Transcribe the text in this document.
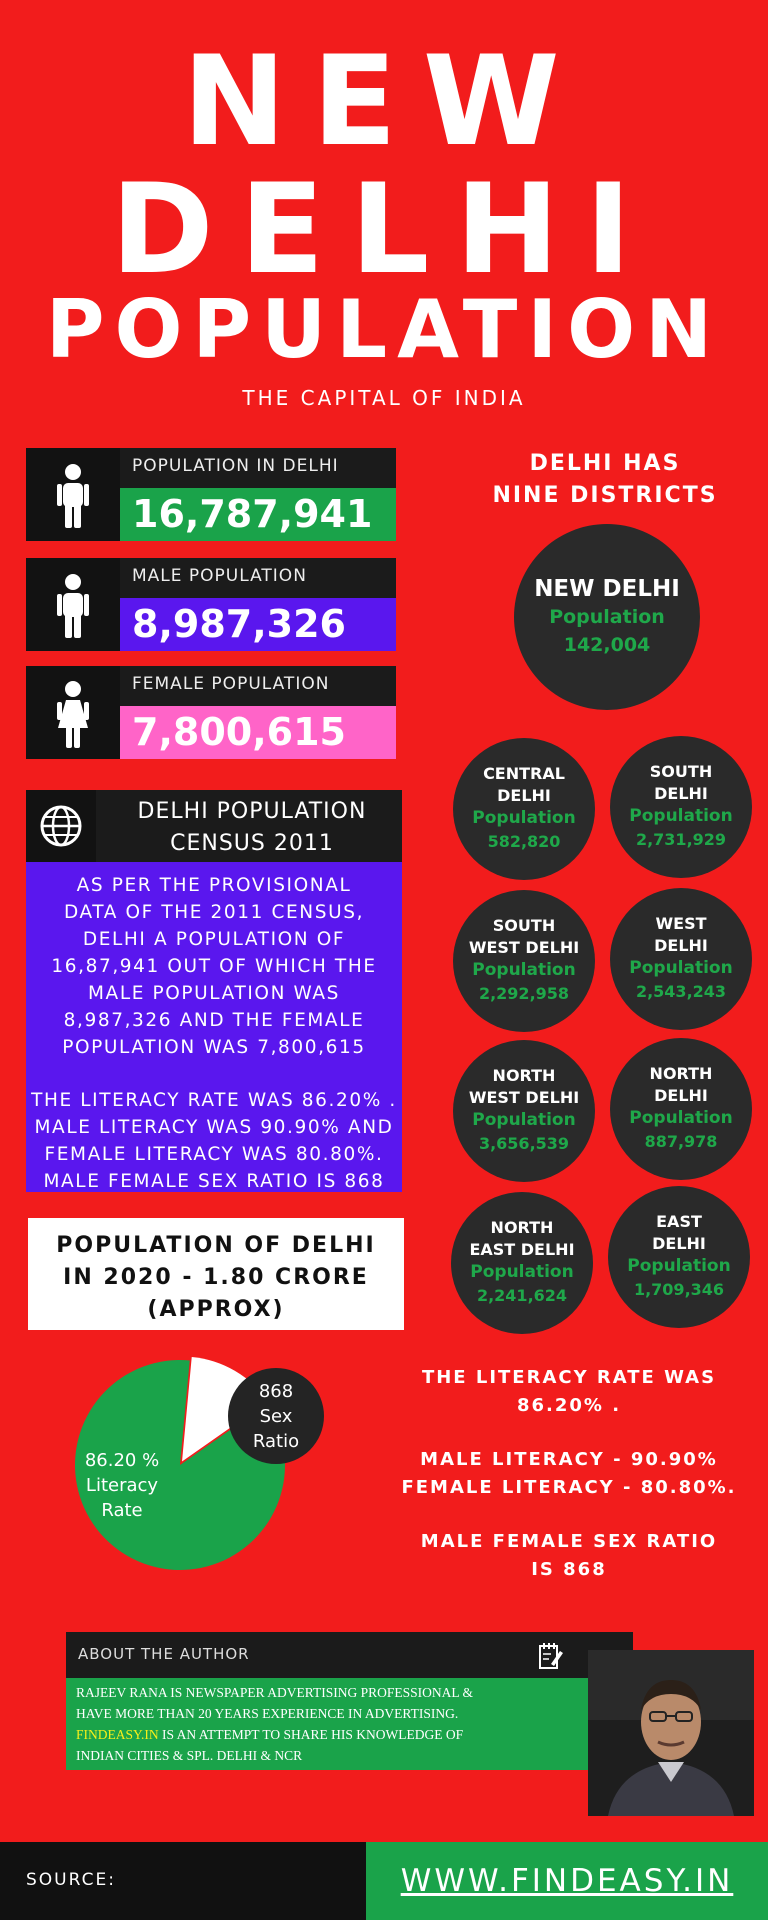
NEW
DELHI
POPULATION
THE CAPITAL OF INDIA
POPULATION IN DELHI
16,787,941
MALE POPULATION
8,987,326
FEMALE POPULATION
7,800,615
DELHI POPULATION
CENSUS 2011

AS PER THE PROVISIONAL
DATA OF THE 2011 CENSUS,
DELHI A POPULATION OF
16,87,941 OUT OF WHICH THE
MALE POPULATION WAS
8,987,326 AND THE FEMALE
POPULATION WAS 7,800,615

THE LITERACY RATE WAS 86.20% .
MALE LITERACY WAS 90.90% AND
FEMALE LITERACY WAS 80.80%.
MALE FEMALE SEX RATIO IS 868

POPULATION OF DELHI
IN 2020 - 1.80 CRORE
(APPROX)
DELHI HAS
NINE DISTRICTS
NEW DELHI
Population
142,004
CENTRAL
DELHI
Population
582,820
SOUTH
DELHI
Population
2,731,929
SOUTH
WEST DELHI
Population
2,292,958
WEST
DELHI
Population
2,543,243
NORTH
WEST DELHI
Population
3,656,539
NORTH
DELHI
Population
887,978
NORTH
EAST DELHI
Population
2,241,624
EAST
DELHI
Population
1,709,346
THE LITERACY RATE WAS
86.20% .
MALE LITERACY - 90.90%
FEMALE LITERACY - 80.80%.
MALE FEMALE SEX RATIO
IS 868
86.20 %
Literacy
Rate
868
Sex
Ratio
ABOUT THE AUTHOR
RAJEEV RANA IS NEWSPAPER ADVERTISING PROFESSIONAL &
HAVE MORE THAN 20 YEARS EXPERIENCE IN ADVERTISING.
FINDEASY.IN IS AN ATTEMPT TO SHARE HIS KNOWLEDGE OF
INDIAN CITIES & SPL. DELHI & NCR
SOURCE:	WWW.FINDEASY.IN
